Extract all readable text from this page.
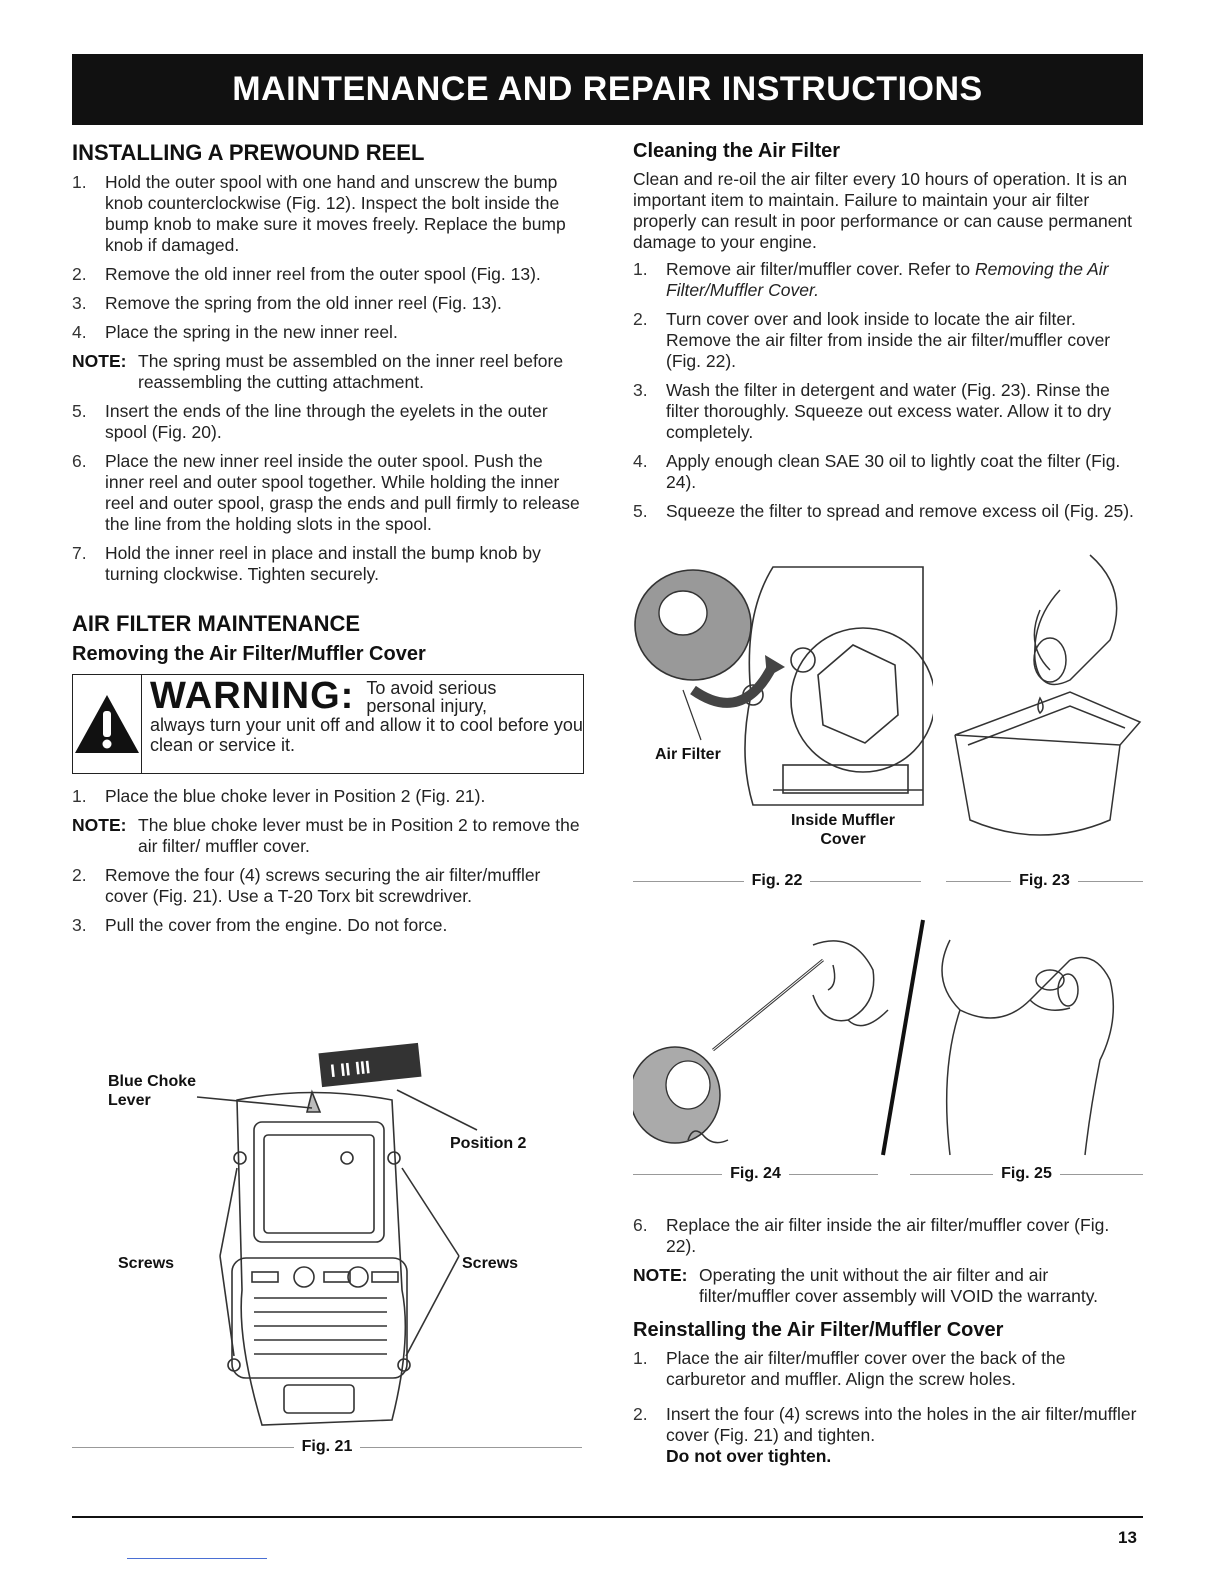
MAINTENANCE AND REPAIR INSTRUCTIONS
INSTALLING A PREWOUND REEL
1.	Hold the outer spool with one hand and unscrew the bump knob counterclockwise (Fig. 12). Inspect the bolt inside the bump knob to make sure it moves freely. Replace the bump knob if damaged.
2.	Remove the old inner reel from the outer spool (Fig. 13).
3.	Remove the spring from the old inner reel (Fig. 13).
4.	Place the spring in the new inner reel.
NOTE: The spring must be assembled on the inner reel before reassembling the cutting attachment.
5.	Insert the ends of the line through the eyelets in the outer spool (Fig. 20).
6.	Place the new inner reel inside the outer spool. Push the inner reel and outer spool together. While holding the inner reel and outer spool, grasp the ends and pull firmly to release the line from the holding slots in the spool.
7.	Hold the inner reel in place and install the bump knob by turning clockwise. Tighten securely.
AIR FILTER MAINTENANCE
Removing the Air Filter/Muffler Cover
WARNING: To avoid serious personal injury,
always turn your unit off and allow it to cool before you clean or service it.
1.	Place the blue choke lever in Position 2 (Fig. 21).
NOTE: The blue choke lever must be in Position 2 to remove the air filter/ muffler cover.
2.	Remove the four (4) screws securing the air filter/muffler cover (Fig. 21). Use a T-20 Torx bit screwdriver.
3.	Pull the cover from the engine. Do not force.
I II III
Blue Choke Lever
Position 2
Screws	Screws
Fig. 21
Cleaning the Air Filter

Clean and re-oil the air filter every 10 hours of operation. It is an important item to maintain. Failure to maintain your air filter properly can result in poor performance or can cause permanent damage to your engine.

1.	Remove air filter/muffler cover. Refer to Removing the Air Filter/Muffler Cover.
2.	Turn cover over and look inside to locate the air filter. Remove the air filter from inside the air filter/muffler cover (Fig. 22).
3.	Wash the filter in detergent and water (Fig. 23). Rinse the filter thoroughly. Squeeze out excess water. Allow it to dry completely.
4.	Apply enough clean SAE 30 oil to lightly coat the filter (Fig. 24).
5.	Squeeze the filter to spread and remove excess oil (Fig. 25).
Air Filter
Inside Muffler Cover
Fig. 22	Fig. 23
Fig. 24	Fig. 25
6.	Replace the air filter inside the air filter/muffler cover (Fig. 22).
NOTE: Operating the unit without the air filter and air filter/muffler cover assembly will VOID the warranty.
Reinstalling the Air Filter/Muffler Cover
1.	Place the air filter/muffler cover over the back of the carburetor and muffler. Align the screw holes.
2.	Insert the four (4) screws into the holes in the air filter/muffler cover (Fig. 21) and tighten.
Do not over tighten.
13
